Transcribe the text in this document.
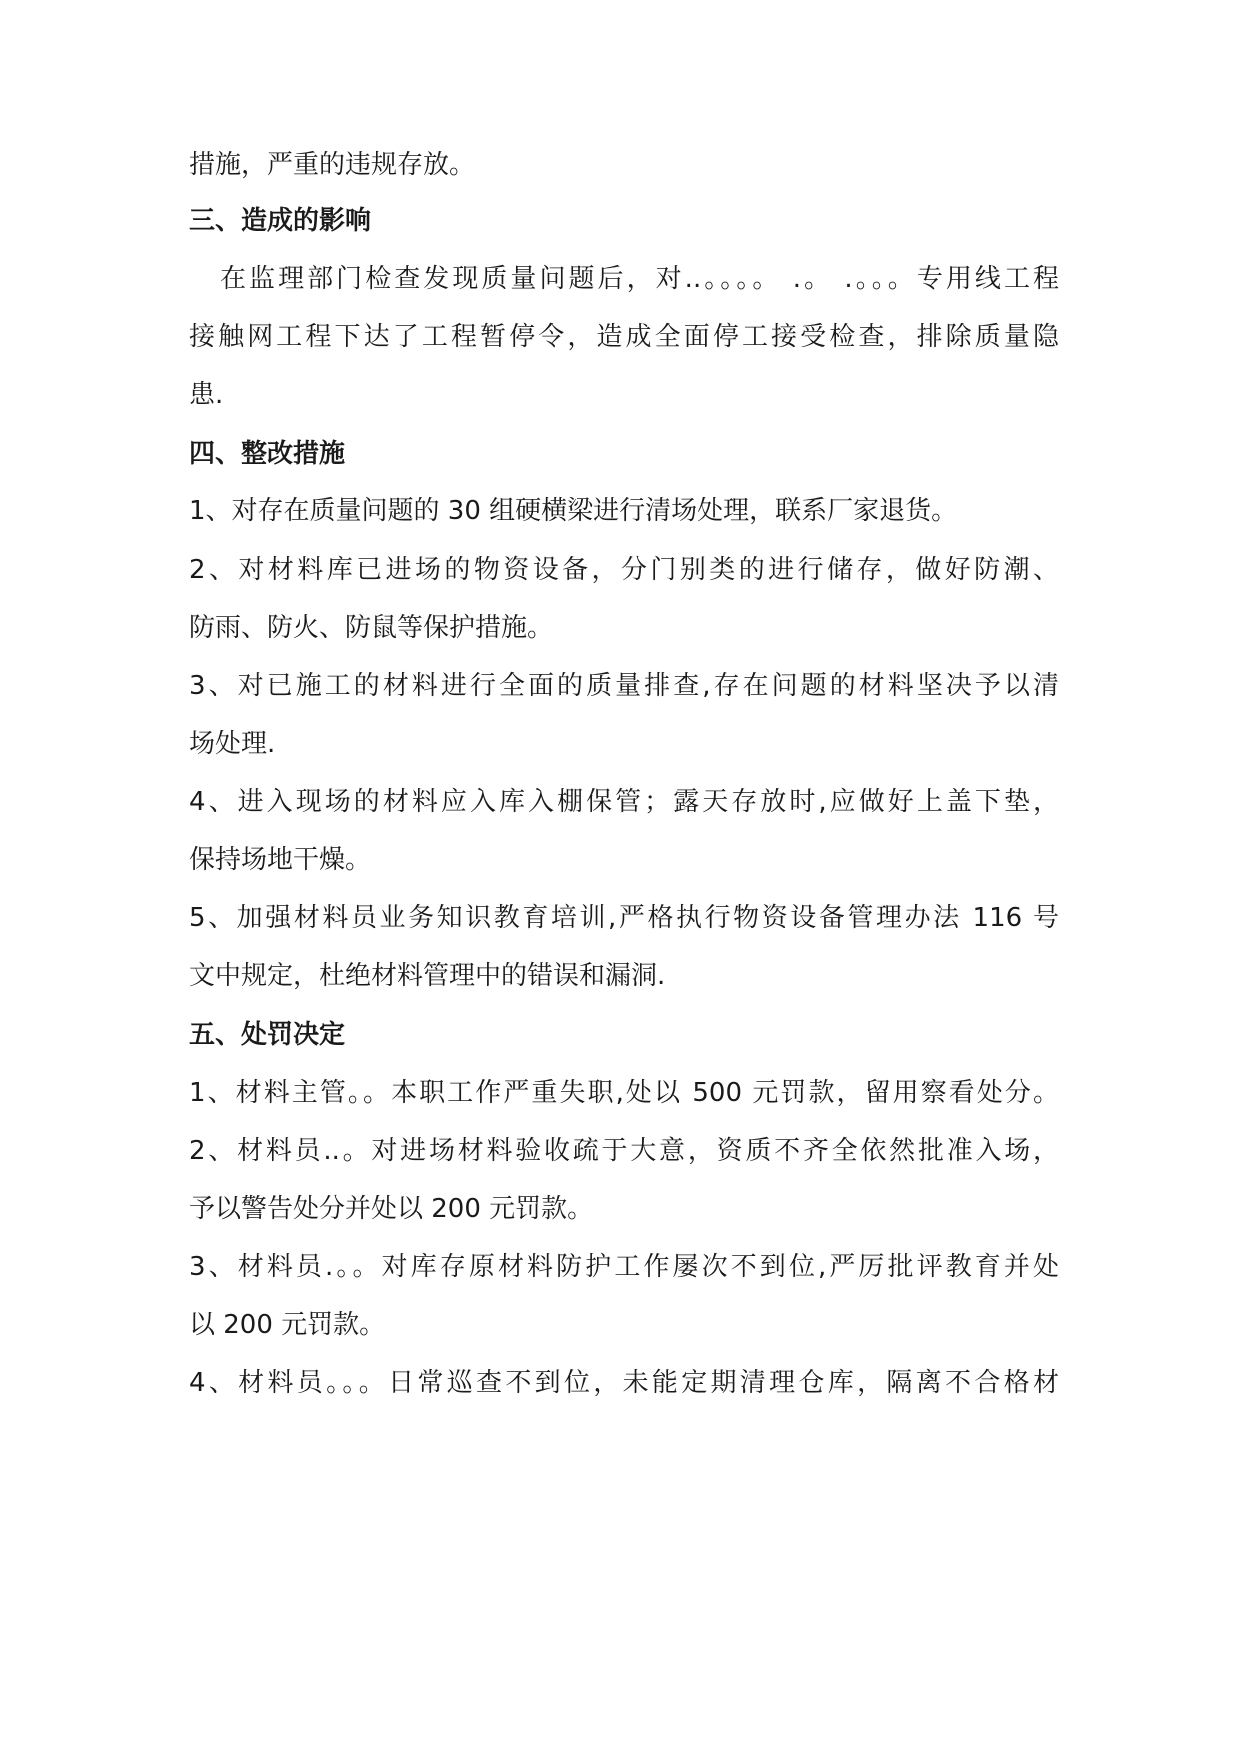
措施，严重的违规存放。
三、造成的影响
在监理部门检查发现质量问题后，对..。。。。 .。 .。。。专用线工程
接触网工程下达了工程暂停令，造成全面停工接受检查，排除质量隐
患.
四、整改措施
1、对存在质量问题的 30 组硬横梁进行清场处理，联系厂家退货。
2、对材料库已进场的物资设备，分门别类的进行储存，做好防潮、
防雨、防火、防鼠等保护措施。
3、对已施工的材料进行全面的质量排查,存在问题的材料坚决予以清
场处理.
4、进入现场的材料应入库入棚保管；露天存放时,应做好上盖下垫，
保持场地干燥。
5、加强材料员业务知识教育培训,严格执行物资设备管理办法 116 号
文中规定，杜绝材料管理中的错误和漏洞.
五、处罚决定
1、材料主管。。本职工作严重失职,处以 500 元罚款，留用察看处分。
2、材料员..。对进场材料验收疏于大意，资质不齐全依然批准入场，
予以警告处分并处以 200 元罚款。
3、材料员.。。对库存原材料防护工作屡次不到位,严厉批评教育并处
以 200 元罚款。
4、材料员。。。日常巡查不到位，未能定期清理仓库，隔离不合格材
